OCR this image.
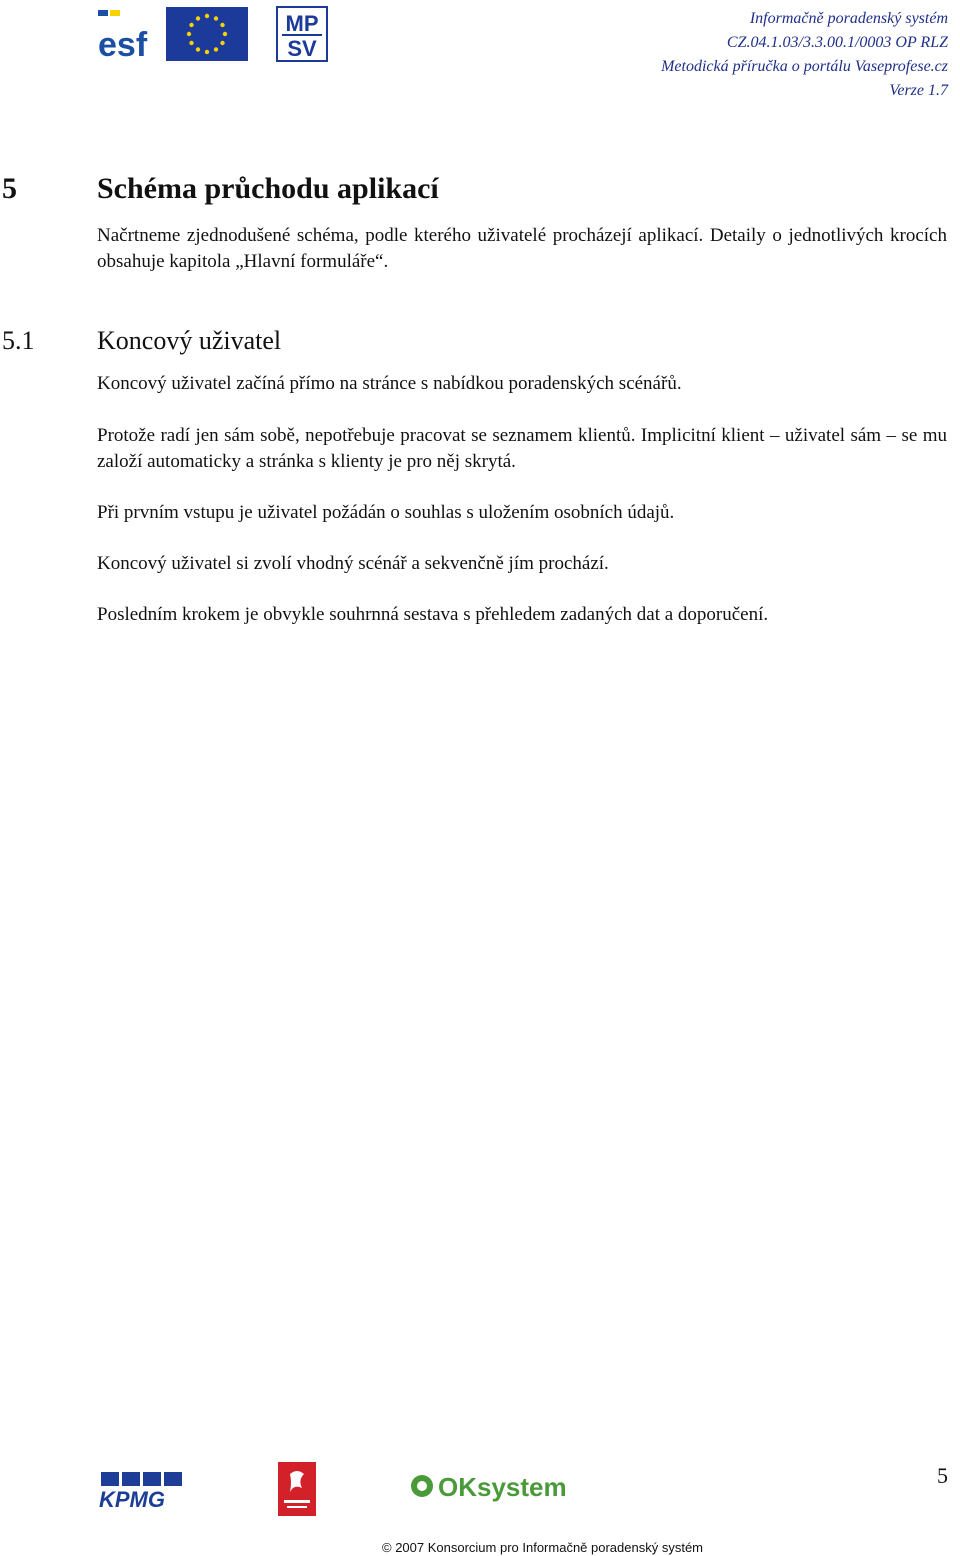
esf
MP
SV
Informačně poradenský systém
CZ.04.1.03/3.3.00.1/0003 OP RLZ
Metodická příručka o portálu Vaseprofese.cz
Verze 1.7
5	Schéma průchodu aplikací
Načrtneme zjednodušené schéma, podle kterého uživatelé procházejí aplikací. Detaily o jednotlivých krocích obsahuje kapitola „Hlavní formuláře“.
5.1 Koncový uživatel
Koncový uživatel začíná přímo na stránce s nabídkou poradenských scénářů.
Protože radí jen sám sobě, nepotřebuje pracovat se seznamem klientů. Implicitní klient – uživatel sám – se mu založí automaticky a stránka s klienty je pro něj skrytá.
Při prvním vstupu je uživatel požádán o souhlas s uložením osobních údajů.
Koncový uživatel si zvolí vhodný scénář a sekvenčně jím prochází.
Posledním krokem je obvykle souhrnná sestava s přehledem zadaných dat a doporučení.
KPMG	OKsystem	5
© 2007 Konsorcium pro Informačně poradenský systém
